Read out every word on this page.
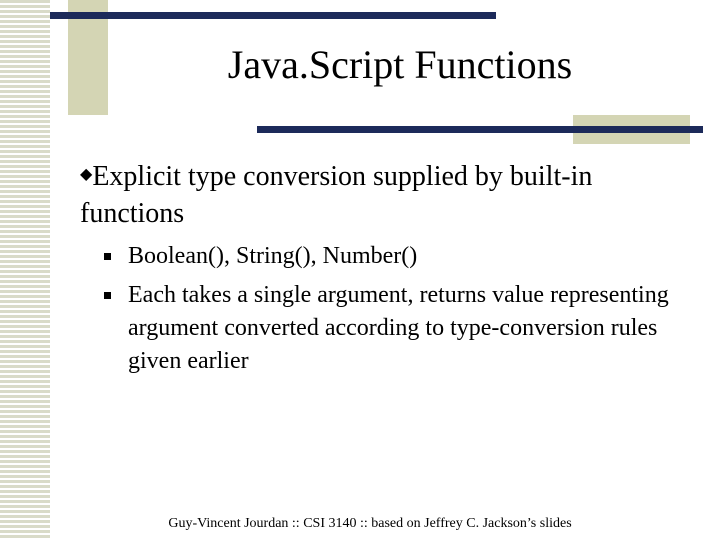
Java.Script Functions
◆Explicit type conversion supplied by built-in functions
Boolean(), String(), Number()
Each takes a single argument, returns value representing argument converted according to type-conversion rules given earlier
Guy-Vincent Jourdan :: CSI 3140 :: based on Jeffrey C. Jackson’s slides
